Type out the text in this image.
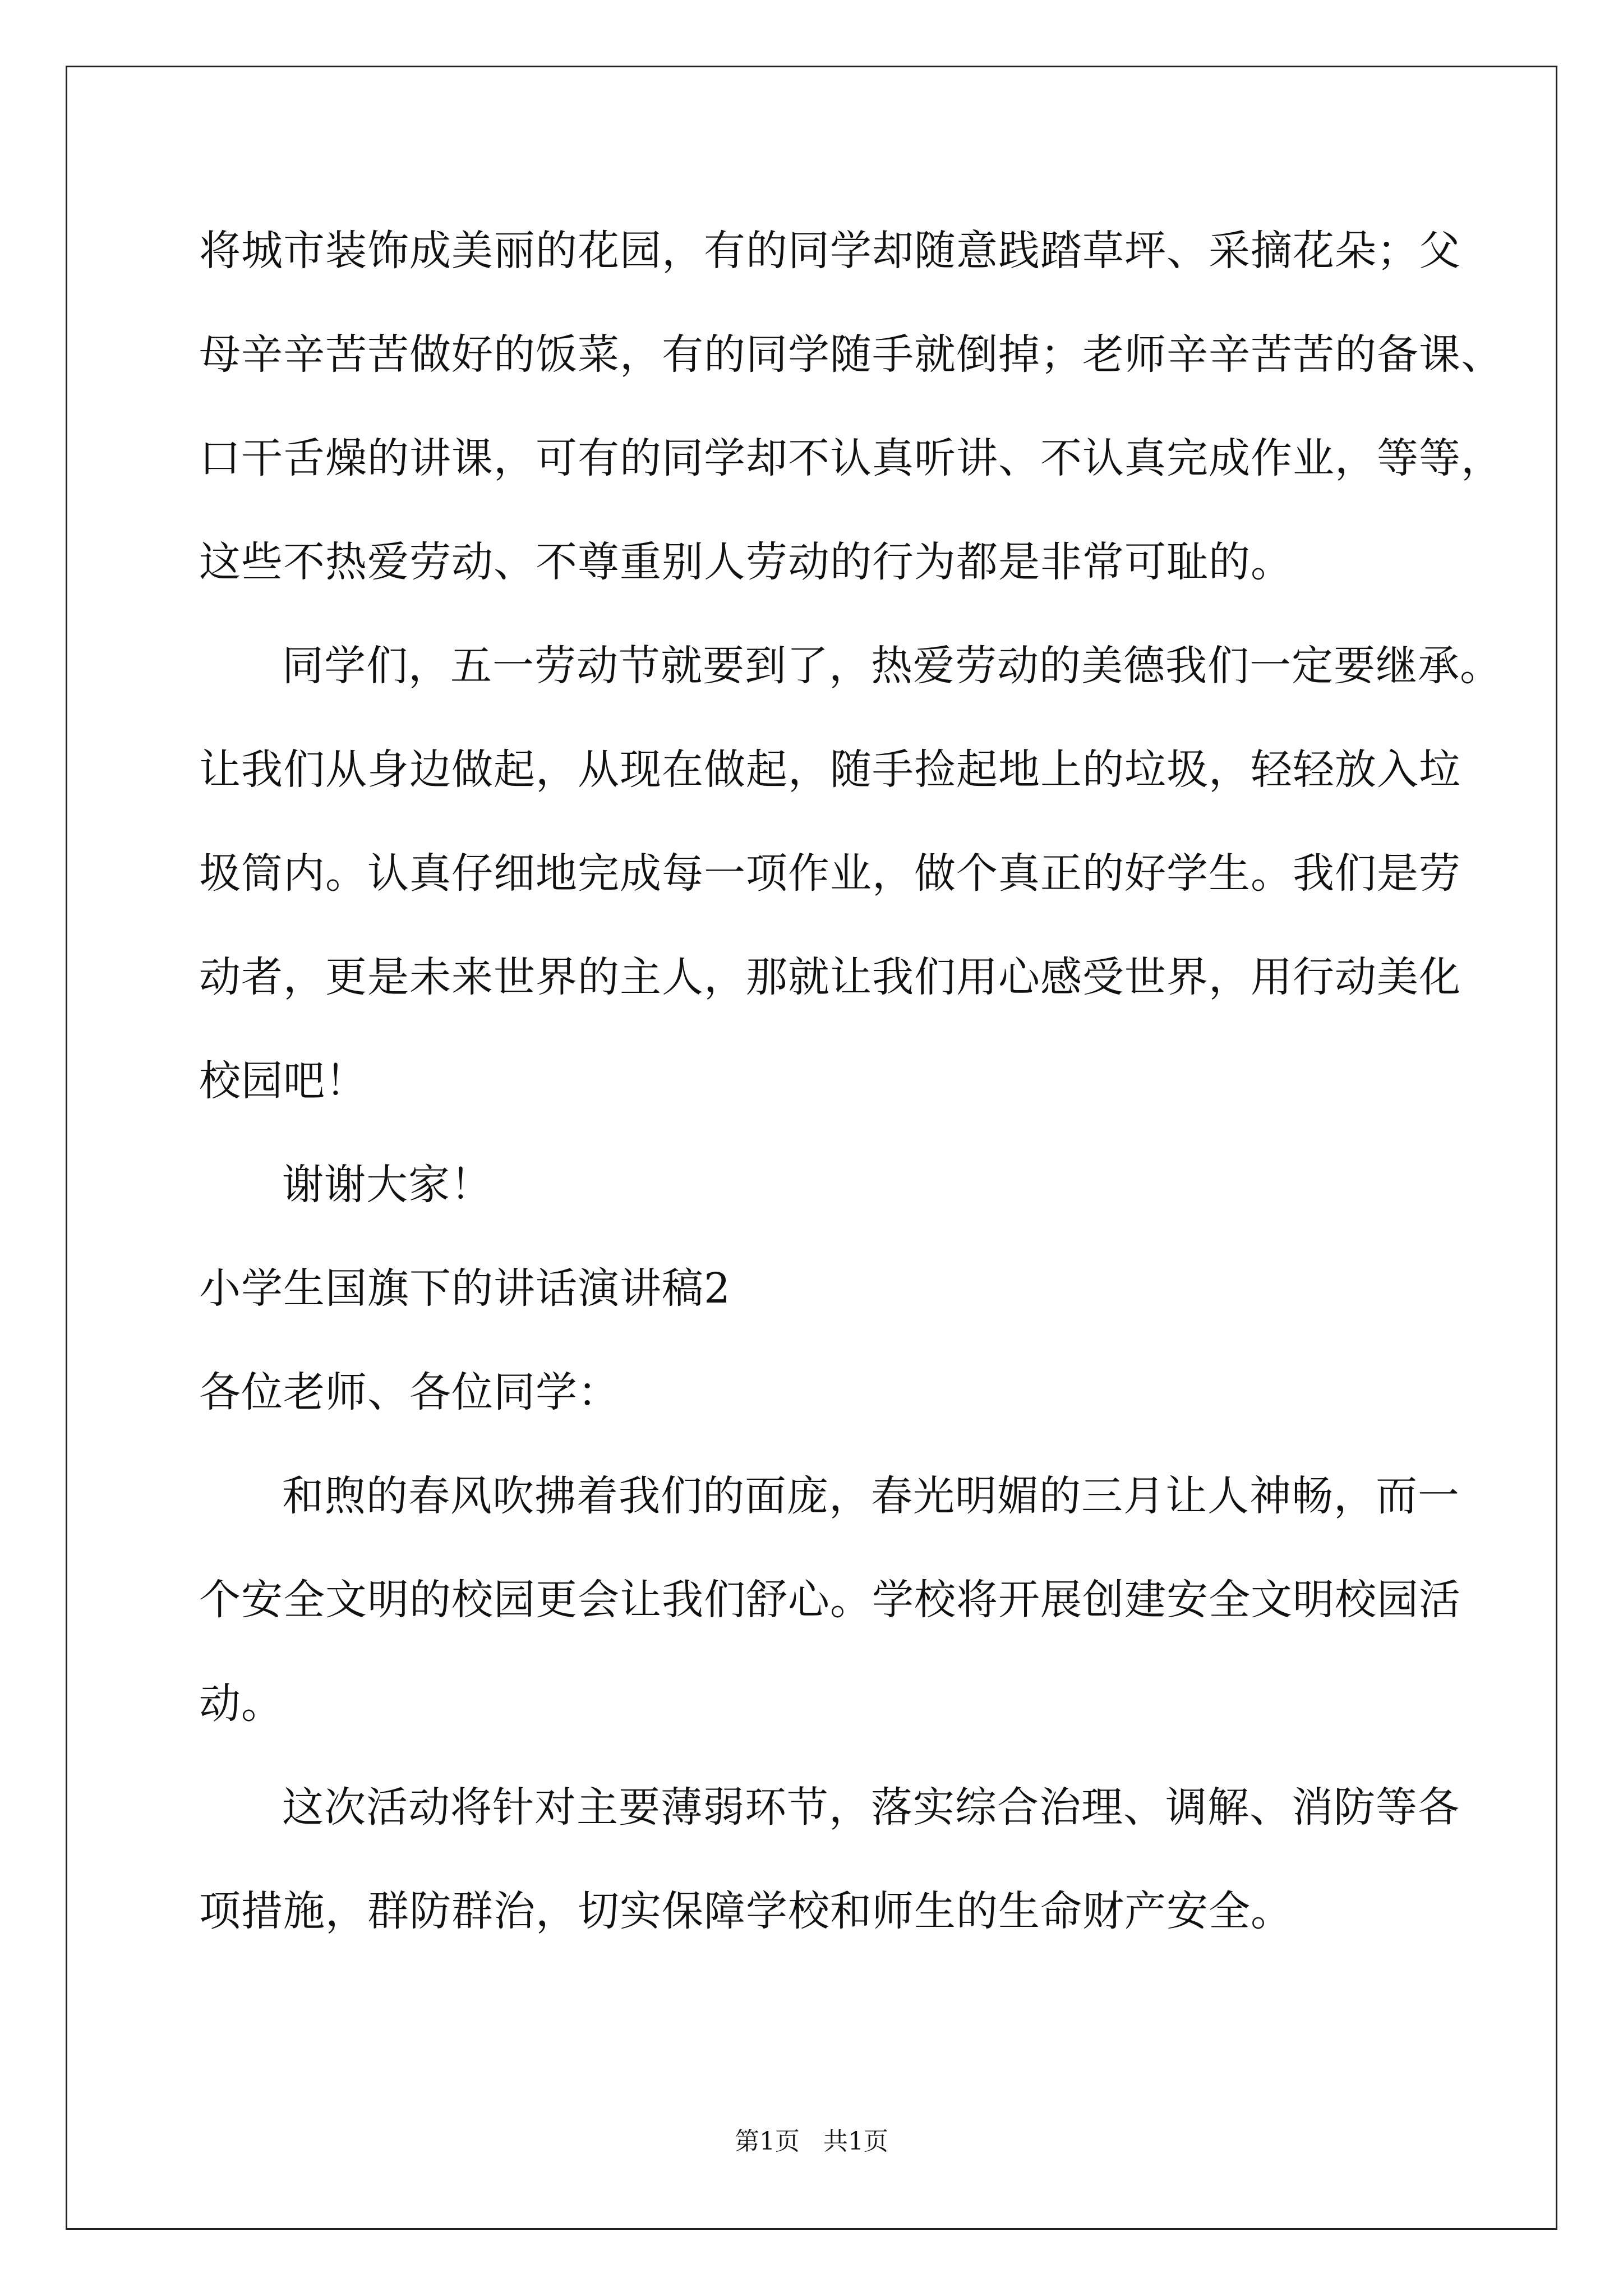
将城市装饰成美丽的花园，有的同学却随意践踏草坪、采摘花朵；父
母辛辛苦苦做好的饭菜，有的同学随手就倒掉；老师辛辛苦苦的备课、
口干舌燥的讲课，可有的同学却不认真听讲、不认真完成作业，等等，
这些不热爱劳动、不尊重别人劳动的行为都是非常可耻的。
同学们，五一劳动节就要到了，热爱劳动的美德我们一定要继承。
让我们从身边做起，从现在做起，随手捡起地上的垃圾，轻轻放入垃
圾筒内。认真仔细地完成每一项作业，做个真正的好学生。我们是劳
动者，更是未来世界的主人，那就让我们用心感受世界，用行动美化
校园吧！
谢谢大家！
小学生国旗下的讲话演讲稿2
各位老师、各位同学：
和煦的春风吹拂着我们的面庞，春光明媚的三月让人神畅，而一
个安全文明的校园更会让我们舒心。学校将开展创建安全文明校园活
动。
这次活动将针对主要薄弱环节，落实综合治理、调解、消防等各
项措施，群防群治，切实保障学校和师生的生命财产安全。
第1页   共1页
